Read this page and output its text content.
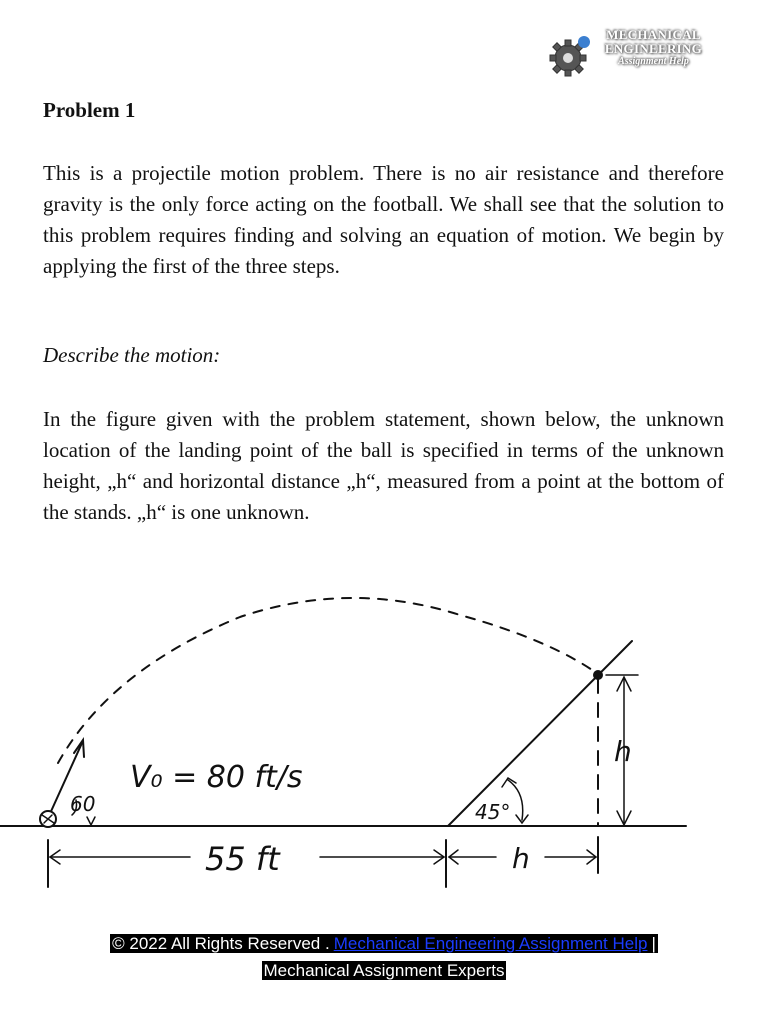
MECHANICAL
ENGINEERING
Assignment Help
Problem 1

This is a projectile motion problem. There is no air resistance and therefore gravity is the only force acting on the football. We shall see that the solution to this problem requires finding and solving an equation of motion. We begin by applying the first of the three steps.

Describe the motion:

In the figure given with the problem statement, shown below, the unknown location of the landing point of the ball is specified in terms of the unknown height, „h“ and horizontal distance „h“, measured from a point at the bottom of the stands. „h“ is one unknown.

V₀ = 80 ft/s
60	45°
55 ft	h
h
© 2022 All Rights Reserved . Mechanical Engineering Assignment Help |
Mechanical Assignment Experts
